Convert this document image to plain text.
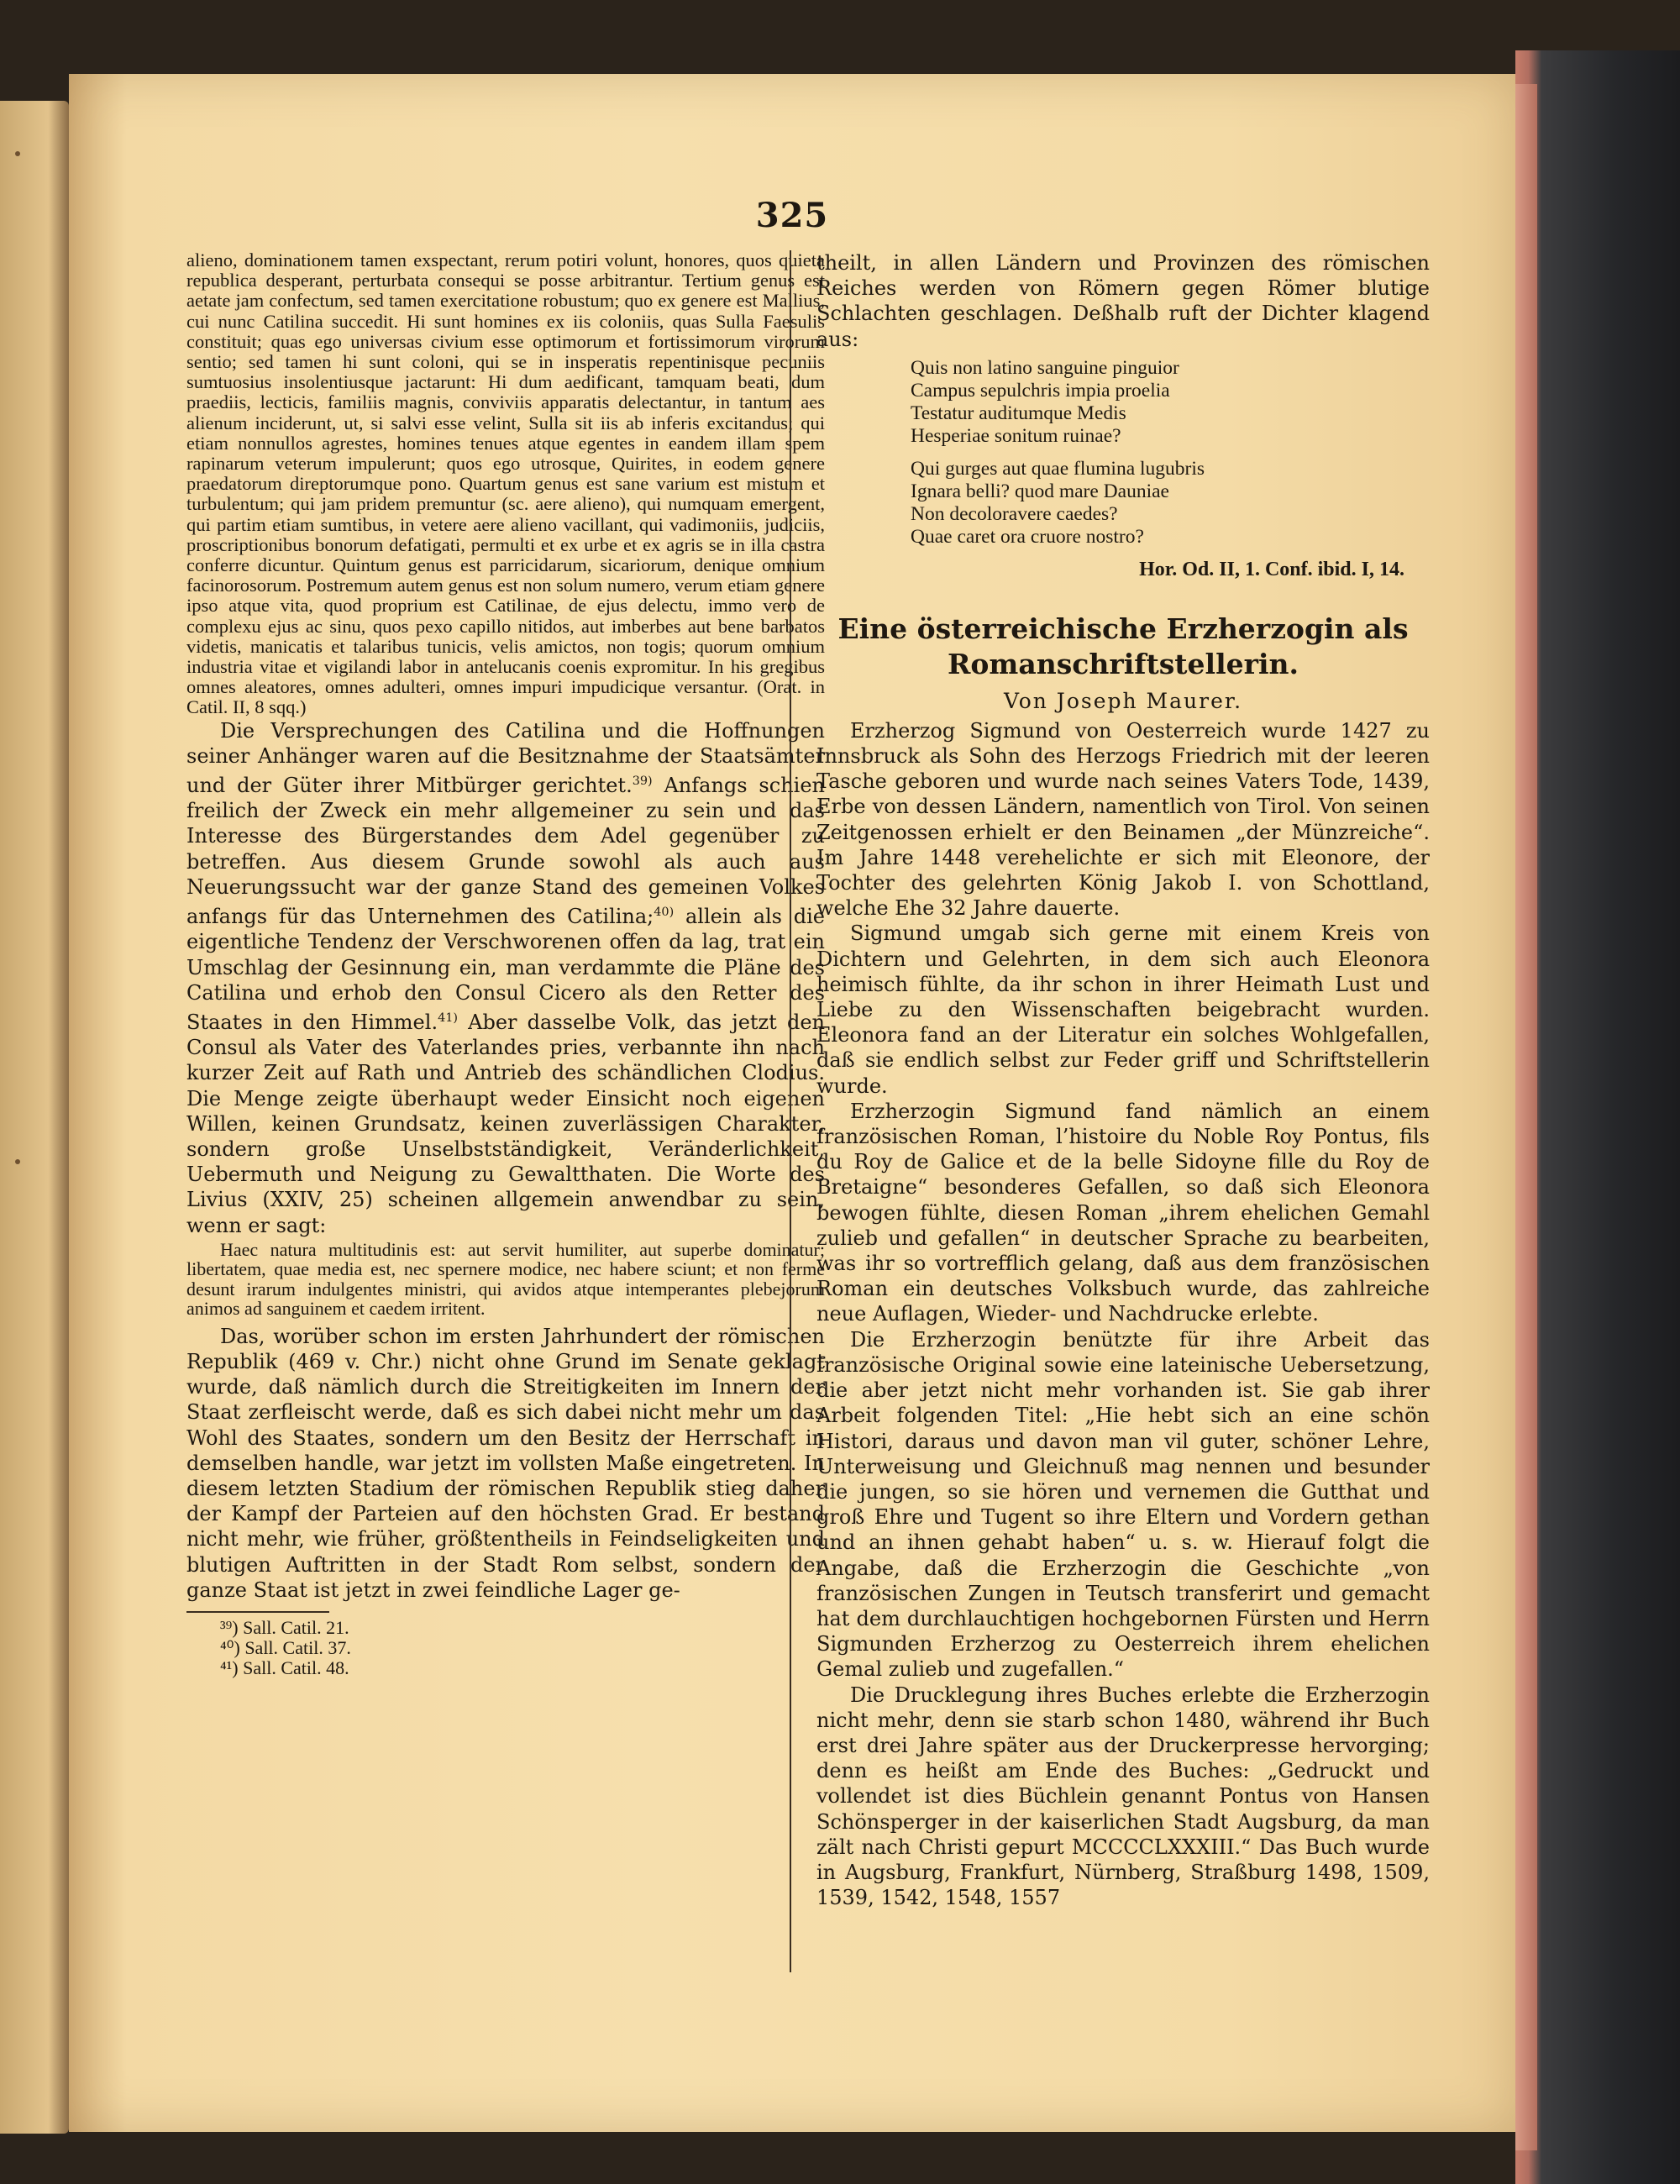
325

alieno, dominationem tamen exspectant, rerum potiri volunt, honores, quos quieta republica desperant, perturbata consequi se posse arbitrantur. Tertium genus est aetate jam confectum, sed tamen exercitatione robustum; quo ex genere est Mallius, cui nunc Catilina succedit. Hi sunt homines ex iis coloniis, quas Sulla Faesulis constituit; quas ego universas civium esse optimorum et fortissimorum virorum sentio; sed tamen hi sunt coloni, qui se in insperatis repentinisque pecuniis sumtuosius insolentiusque jactarunt: Hi dum aedificant, tamquam beati, dum praediis, lecticis, familiis magnis, conviviis apparatis delectantur, in tantum aes alienum inciderunt, ut, si salvi esse velint, Sulla sit iis ab inferis excitandus; qui etiam nonnullos agrestes, homines tenues atque egentes in eandem illam spem rapinarum veterum impulerunt; quos ego utrosque, Quirites, in eodem genere praedatorum direptorumque pono. Quartum genus est sane varium est mistum et turbulentum; qui jam pridem premuntur (sc. aere alieno), qui numquam emergent, qui partim etiam sumtibus, in vetere aere alieno vacillant, qui vadimoniis, judiciis, proscriptionibus bonorum defatigati, permulti et ex urbe et ex agris se in illa castra conferre dicuntur. Quintum genus est parricidarum, sicariorum, denique omnium facinorosorum. Postremum autem genus est non solum numero, verum etiam genere ipso atque vita, quod proprium est Catilinae, de ejus delectu, immo vero de complexu ejus ac sinu, quos pexo capillo nitidos, aut imberbes aut bene barbatos videtis, manicatis et talaribus tunicis, velis amictos, non togis; quorum omnium industria vitae et vigilandi labor in antelucanis coenis expromitur. In his gregibus omnes aleatores, omnes adulteri, omnes impuri impudicique versantur. (Orat. in Catil. II, 8 sqq.)

Die Versprechungen des Catilina und die Hoffnungen seiner Anhänger waren auf die Besitznahme der Staatsämter und der Güter ihrer Mitbürger gerichtet.$^{39)}$ Anfangs schien freilich der Zweck ein mehr allgemeiner zu sein und das Interesse des Bürgerstandes dem Adel gegenüber zu betreffen. Aus diesem Grunde sowohl als auch aus Neuerungssucht war der ganze Stand des gemeinen Volkes anfangs für das Unternehmen des Catilina;$^{40)}$ allein als die eigentliche Tendenz der Verschworenen offen da lag, trat ein Umschlag der Gesinnung ein, man verdammte die Pläne des Catilina und erhob den Consul Cicero als den Retter des Staates in den Himmel.$^{41)}$ Aber dasselbe Volk, das jetzt den Consul als Vater des Vaterlandes pries, verbannte ihn nach kurzer Zeit auf Rath und Antrieb des schändlichen Clodius. Die Menge zeigte überhaupt weder Einsicht noch eigenen Willen, keinen Grundsatz, keinen zuverlässigen Charakter, sondern große Unselbstständigkeit, Veränderlichkeit, Uebermuth und Neigung zu Gewaltthaten. Die Worte des Livius (XXIV, 25) scheinen allgemein anwendbar zu sein, wenn er sagt:

Haec natura multitudinis est: aut servit humiliter, aut superbe dominatur; libertatem, quae media est, nec spernere modice, nec habere sciunt; et non ferme desunt irarum indulgentes ministri, qui avidos atque intemperantes plebejorum animos ad sanguinem et caedem irritent.

Das, worüber schon im ersten Jahrhundert der römischen Republik (469 v. Chr.) nicht ohne Grund im Senate geklagt wurde, daß nämlich durch die Streitigkeiten im Innern der Staat zerfleischt werde, daß es sich dabei nicht mehr um das Wohl des Staates, sondern um den Besitz der Herrschaft in demselben handle, war jetzt im vollsten Maße eingetreten. In diesem letzten Stadium der römischen Republik stieg daher der Kampf der Parteien auf den höchsten Grad. Er bestand nicht mehr, wie früher, größtentheils in Feindseligkeiten und blutigen Auftritten in der Stadt Rom selbst, sondern der ganze Staat ist jetzt in zwei feindliche Lager ge-

³⁹) Sall. Catil. 21.
⁴⁰) Sall. Catil. 37.
⁴¹) Sall. Catil. 48.

theilt, in allen Ländern und Provinzen des römischen Reiches werden von Römern gegen Römer blutige Schlachten geschlagen. Deßhalb ruft der Dichter klagend aus:

Quis non latino sanguine pinguior
Campus sepulchris impia proelia
Testatur auditumque Medis
Hesperiae sonitum ruinae?
Qui gurges aut quae flumina lugubris
Ignara belli? quod mare Dauniae
Non decoloravere caedes?
Quae caret ora cruore nostro?

Hor. Od. II, 1. Conf. ibid. I, 14.

Eine österreichische Erzherzogin als Romanschriftstellerin.

Von Joseph Maurer.

Erzherzog Sigmund von Oesterreich wurde 1427 zu Innsbruck als Sohn des Herzogs Friedrich mit der leeren Tasche geboren und wurde nach seines Vaters Tode, 1439, Erbe von dessen Ländern, namentlich von Tirol. Von seinen Zeitgenossen erhielt er den Beinamen „der Münzreiche“. Im Jahre 1448 verehelichte er sich mit Eleonore, der Tochter des gelehrten König Jakob I. von Schottland, welche Ehe 32 Jahre dauerte.

Sigmund umgab sich gerne mit einem Kreis von Dichtern und Gelehrten, in dem sich auch Eleonora heimisch fühlte, da ihr schon in ihrer Heimath Lust und Liebe zu den Wissenschaften beigebracht wurden. Eleonora fand an der Literatur ein solches Wohlgefallen, daß sie endlich selbst zur Feder griff und Schriftstellerin wurde.

Erzherzogin Sigmund fand nämlich an einem französischen Roman, l’histoire du Noble Roy Pontus, fils du Roy de Galice et de la belle Sidoyne fille du Roy de Bretaigne“ besonderes Gefallen, so daß sich Eleonora bewogen fühlte, diesen Roman „ihrem ehelichen Gemahl zulieb und gefallen“ in deutscher Sprache zu bearbeiten, was ihr so vortrefflich gelang, daß aus dem französischen Roman ein deutsches Volksbuch wurde, das zahlreiche neue Auflagen, Wieder- und Nachdrucke erlebte.

Die Erzherzogin benützte für ihre Arbeit das französische Original sowie eine lateinische Uebersetzung, die aber jetzt nicht mehr vorhanden ist. Sie gab ihrer Arbeit folgenden Titel: „Hie hebt sich an eine schön Histori, daraus und davon man vil guter, schöner Lehre, Unterweisung und Gleichnuß mag nennen und besunder die jungen, so sie hören und vernemen die Gutthat und groß Ehre und Tugent so ihre Eltern und Vordern gethan und an ihnen gehabt haben“ u. s. w. Hierauf folgt die Angabe, daß die Erzherzogin die Geschichte „von französischen Zungen in Teutsch transferirt und gemacht hat dem durchlauchtigen hochgebornen Fürsten und Herrn Sigmunden Erzherzog zu Oesterreich ihrem ehelichen Gemal zulieb und zugefallen.“

Die Drucklegung ihres Buches erlebte die Erzherzogin nicht mehr, denn sie starb schon 1480, während ihr Buch erst drei Jahre später aus der Druckerpresse hervorging; denn es heißt am Ende des Buches: „Gedruckt und vollendet ist dies Büchlein genannt Pontus von Hansen Schönsperger in der kaiserlichen Stadt Augsburg, da man zält nach Christi gepurt MCCCCLXXXIII.“ Das Buch wurde in Augsburg, Frankfurt, Nürnberg, Straßburg 1498, 1509, 1539, 1542, 1548, 1557
